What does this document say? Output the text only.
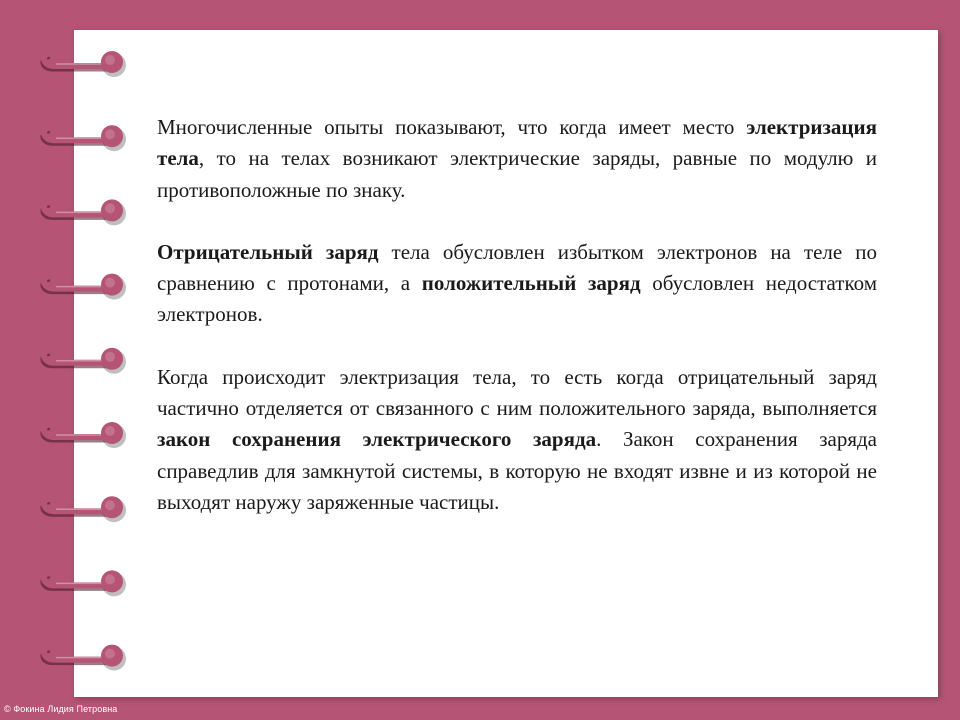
Многочисленные опыты показывают, что когда имеет место электризация тела, то на телах возникают электрические заряды, равные по модулю и противоположные по знаку.

Отрицательный заряд тела обусловлен избытком электронов на теле по сравнению с протонами, а положительный заряд обусловлен недостатком электронов.

Когда происходит электризация тела, то есть когда отрицательный заряд частично отделяется от связанного с ним положительного заряда, выполняется закон сохранения электрического заряда. Закон сохранения заряда справедлив для замкнутой системы, в которую не входят извне и из которой не выходят наружу заряженные частицы.

© Фокина Лидия Петровна
